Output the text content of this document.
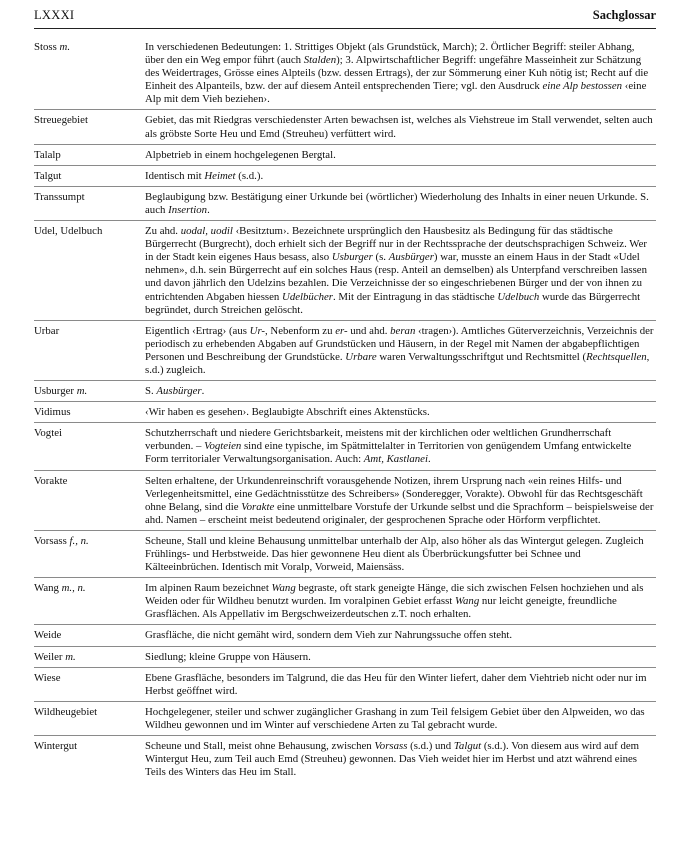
LXXXI	Sachglossar
Stoss m.	In verschiedenen Bedeutungen: 1. Strittiges Objekt (als Grundstück, March); 2. Örtlicher Begriff: steiler Abhang, über den ein Weg empor führt (auch Stalden); 3. Alpwirtschaftlicher Begriff: ungefähre Masseinheit zur Schätzung des Weidertrages, Grösse eines Alpteils (bzw. dessen Ertrags), der zur Sömmerung einer Kuh nötig ist; Recht auf die Einheit des Alpanteils, bzw. der auf diesem Anteil entsprechenden Tiere; vgl. den Ausdruck eine Alp bestossen ‹eine Alp mit dem Vieh beziehen›.
Streuegebiet	Gebiet, das mit Riedgras verschiedenster Arten bewachsen ist, welches als Viehstreue im Stall verwendet, selten auch als gröbste Sorte Heu und Emd (Streuheu) verfüttert wird.
Talalp	Alpbetrieb in einem hochgelegenen Bergtal.
Talgut	Identisch mit Heimet (s.d.).
Transsumpt	Beglaubigung bzw. Bestätigung einer Urkunde bei (wörtlicher) Wiederholung des Inhalts in einer neuen Urkunde. S. auch Insertion.
Udel, Udelbuch	Zu ahd. uodal, uodil ‹Besitztum›. Bezeichnete ursprünglich den Hausbesitz als Bedingung für das städtische Bürgerrecht (Burgrecht), doch erhielt sich der Begriff nur in der Rechtssprache der deutschsprachigen Schweiz. Wer in der Stadt kein eigenes Haus besass, also Usburger (s. Ausbürger) war, musste an einem Haus in der Stadt «Udel nehmen», d.h. sein Bürgerrecht auf ein solches Haus (resp. Anteil an demselben) als Unterpfand verschreiben lassen und davon jährlich den Udelzins bezahlen. Die Verzeichnisse der so eingeschriebenen Bürger und der von ihnen zu entrichtenden Abgaben hiessen Udelbücher. Mit der Eintragung in das städtische Udelbuch wurde das Bürgerrecht begründet, durch Streichen gelöscht.
Urbar	Eigentlich ‹Ertrag› (aus Ur-, Nebenform zu er- und ahd. beran ‹tragen›). Amtliches Güterverzeichnis, Verzeichnis der periodisch zu erhebenden Abgaben auf Grundstücken und Häusern, in der Regel mit Namen der abgabepflichtigen Personen und Beschreibung der Grundstücke. Urbare waren Verwaltungsschriftgut und Rechtsmittel (Rechtsquellen, s.d.) zugleich.
Usburger m.	S. Ausbürger.
Vidimus	‹Wir haben es gesehen›. Beglaubigte Abschrift eines Aktenstücks.
Vogtei	Schutzherrschaft und niedere Gerichtsbarkeit, meistens mit der kirchlichen oder weltlichen Grundherrschaft verbunden. – Vogteien sind eine typische, im Spätmittelalter in Territorien von genügendem Umfang entwickelte Form territorialer Verwaltungsorganisation. Auch: Amt, Kastlanei.
Vorakte	Selten erhaltene, der Urkundenreinschrift vorausgehende Notizen, ihrem Ursprung nach «ein reines Hilfs- und Verlegenheitsmittel, eine Gedächtnisstütze des Schreibers» (Sonderegger, Vorakte). Obwohl für das Rechtsgeschäft ohne Belang, sind die Vorakte eine unmittelbare Vorstufe der Urkunde selbst und die Sprachform – beispielsweise der ahd. Namen – erscheint meist bedeutend originaler, der gesprochenen Sprache oder Hörform verpflichtet.
Vorsass f., n.	Scheune, Stall und kleine Behausung unmittelbar unterhalb der Alp, also höher als das Wintergut gelegen. Zugleich Frühlings- und Herbstweide. Das hier gewonnene Heu dient als Überbrückungsfutter bei Schnee und Kälteeinbrüchen. Identisch mit Voralp, Vorweid, Maiensäss.
Wang m., n.	Im alpinen Raum bezeichnet Wang begraste, oft stark geneigte Hänge, die sich zwischen Felsen hochziehen und als Weiden oder für Wildheu benutzt wurden. Im voralpinen Gebiet erfasst Wang nur leicht geneigte, freundliche Grasflächen. Als Appellativ im Bergschweizerdeutschen z.T. noch erhalten.
Weide	Grasfläche, die nicht gemäht wird, sondern dem Vieh zur Nahrungssuche offen steht.
Weiler m.	Siedlung; kleine Gruppe von Häusern.
Wiese	Ebene Grasfläche, besonders im Talgrund, die das Heu für den Winter liefert, daher dem Viehtrieb nicht oder nur im Herbst geöffnet wird.
Wildheugebiet	Hochgelegener, steiler und schwer zugänglicher Grashang in zum Teil felsigem Gebiet über den Alpweiden, wo das Wildheu gewonnen und im Winter auf verschiedene Arten zu Tal gebracht wurde.
Wintergut	Scheune und Stall, meist ohne Behausung, zwischen Vorsass (s.d.) und Talgut (s.d.). Von diesem aus wird auf dem Wintergut Heu, zum Teil auch Emd (Streuheu) gewonnen. Das Vieh weidet hier im Herbst und atzt während eines Teils des Winters das Heu im Stall.
